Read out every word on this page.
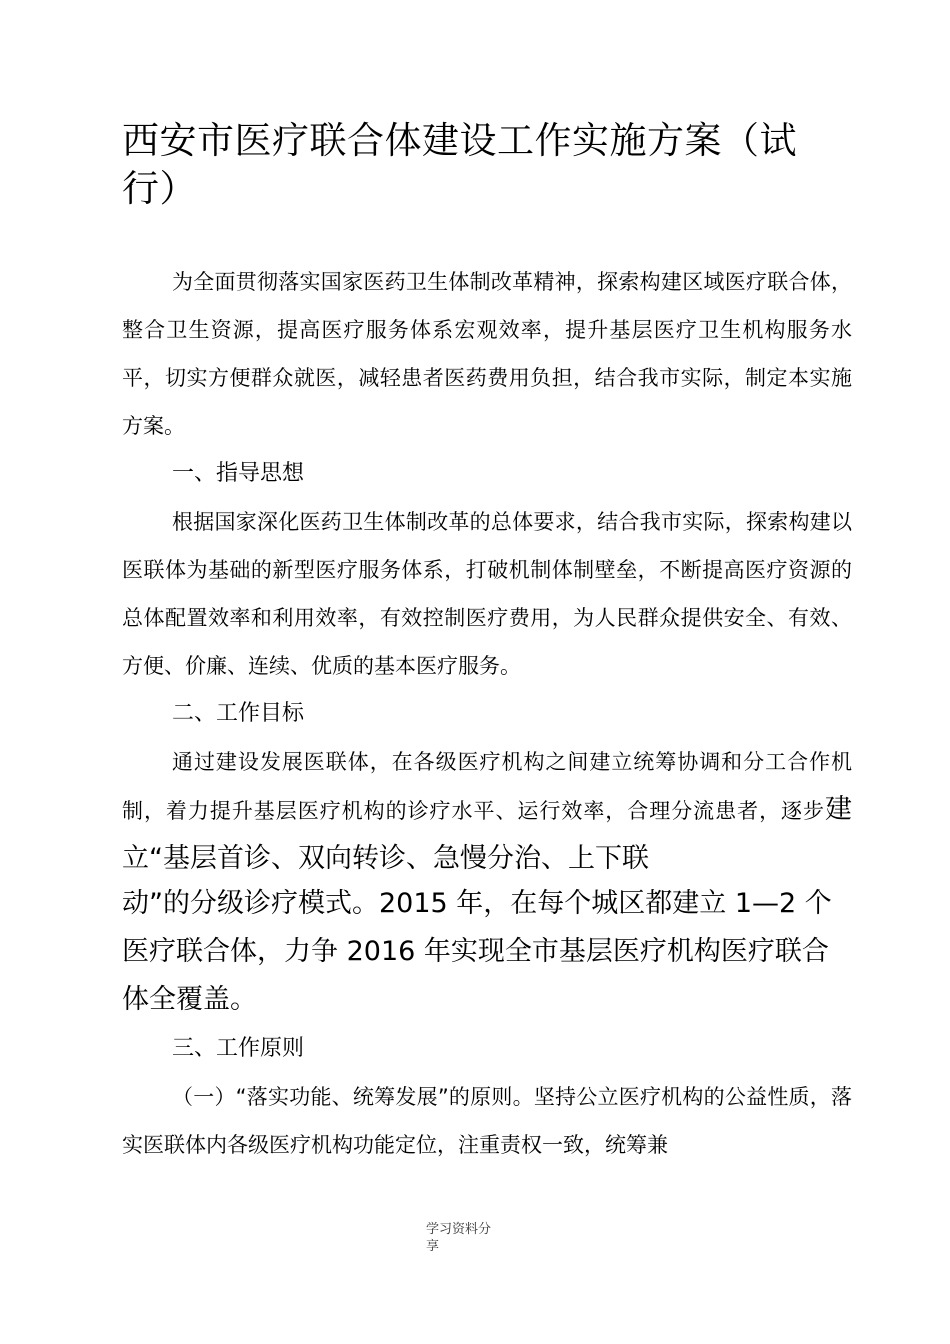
西安市医疗联合体建设工作实施方案（试行）

为全面贯彻落实国家医药卫生体制改革精神，探索构建区域医疗联合体，整合卫生资源，提高医疗服务体系宏观效率，提升基层医疗卫生机构服务水平，切实方便群众就医，减轻患者医药费用负担，结合我市实际，制定本实施方案。

一、指导思想

根据国家深化医药卫生体制改革的总体要求，结合我市实际，探索构建以医联体为基础的新型医疗服务体系，打破机制体制壁垒，不断提高医疗资源的总体配置效率和利用效率，有效控制医疗费用，为人民群众提供安全、有效、方便、价廉、连续、优质的基本医疗服务。

二、工作目标

通过建设发展医联体，在各级医疗机构之间建立统筹协调和分工合作机制，着力提升基层医疗机构的诊疗水平、运行效率，合理分流患者，逐步建立“基层首诊、双向转诊、急慢分治、上下联

动”的分级诊疗模式。2015 年，在每个城区都建立 1—2 个医疗联合体，力争 2016 年实现全市基层医疗机构医疗联合体全覆盖。

三、工作原则

（一）“落实功能、统筹发展”的原则。坚持公立医疗机构的公益性质，落实医联体内各级医疗机构功能定位，注重责权一致，统筹兼

学习资料分
享
